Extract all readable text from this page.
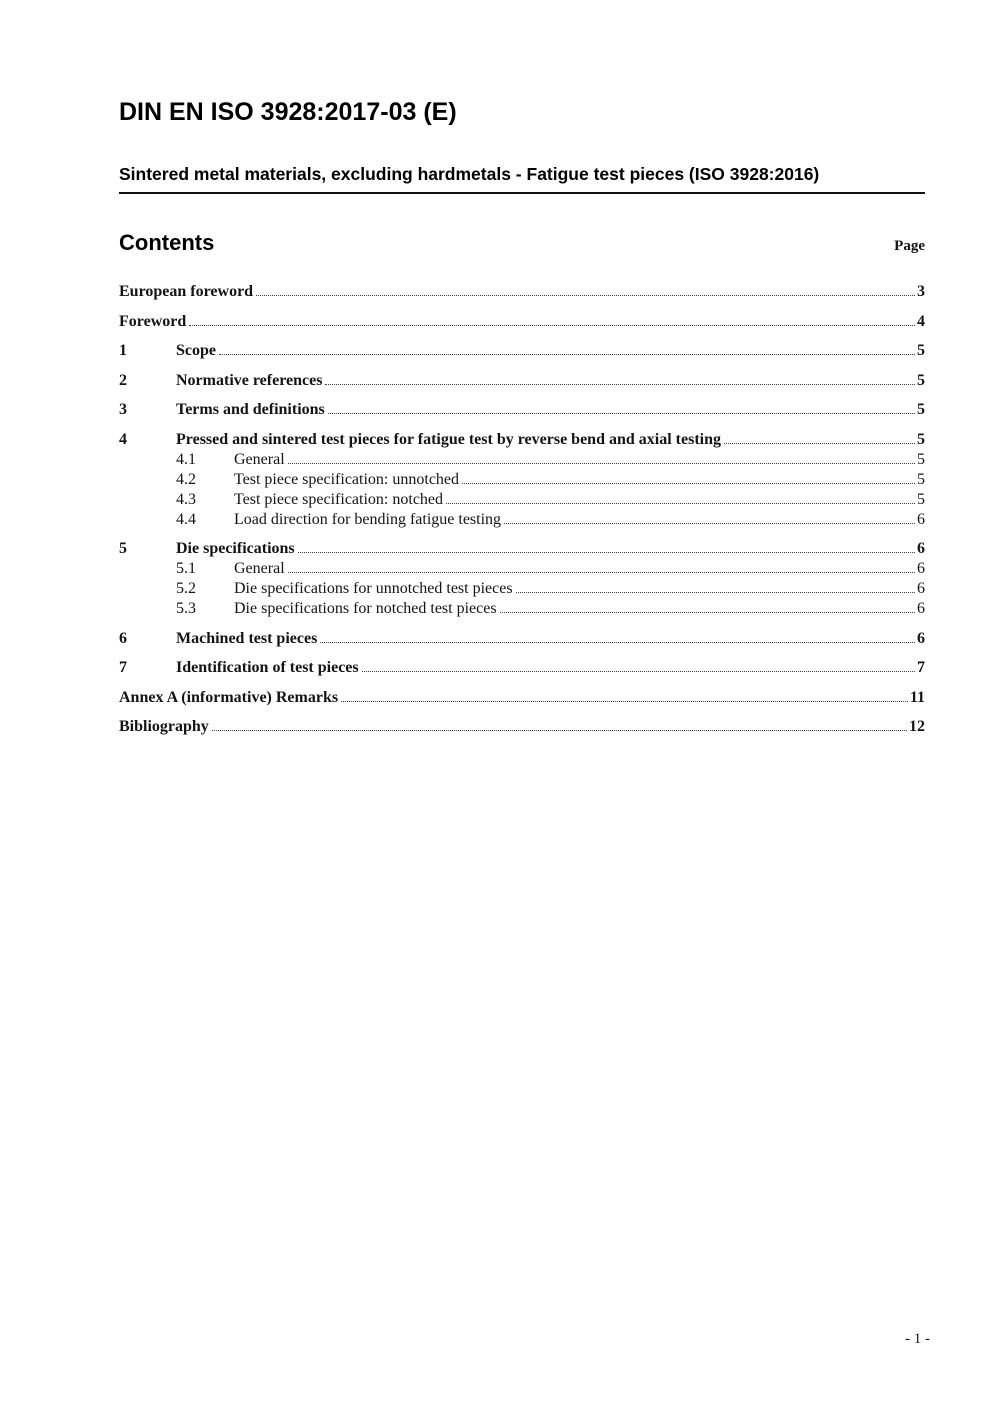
DIN EN ISO 3928:2017-03 (E)
Sintered metal materials, excluding hardmetals - Fatigue test pieces (ISO 3928:2016)
Contents	Page
European foreword	3
Foreword	4
1	Scope	5
2	Normative references	5
3	Terms and definitions	5
4	Pressed and sintered test pieces for fatigue test by reverse bend and axial testing	5
4.1	General	5
4.2	Test piece specification: unnotched	5
4.3	Test piece specification: notched	5
4.4	Load direction for bending fatigue testing	6
5	Die specifications	6
5.1	General	6
5.2	Die specifications for unnotched test pieces	6
5.3	Die specifications for notched test pieces	6
6	Machined test pieces	6
7	Identification of test pieces	7
Annex A (informative) Remarks	11
Bibliography	12
- 1 -
